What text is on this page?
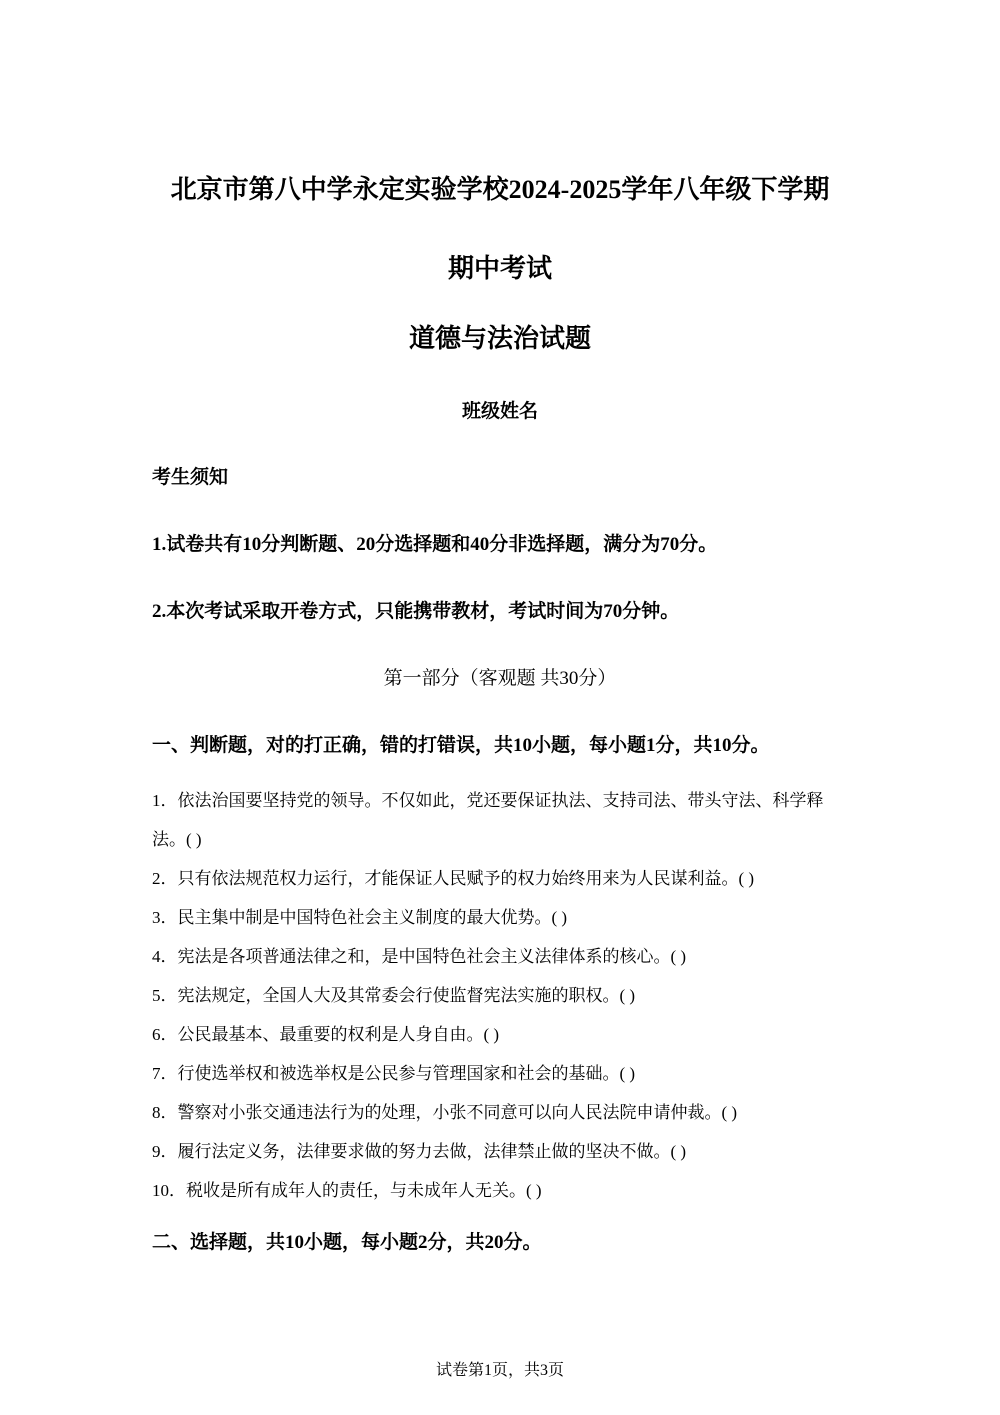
北京市第八中学永定实验学校2024-2025学年八年级下学期
期中考试
道德与法治试题
班级姓名
考生须知
1.试卷共有10分判断题、20分选择题和40分非选择题，满分为70分。
2.本次考试采取开卷方式，只能携带教材，考试时间为70分钟。
第一部分（客观题 共30分）
一、判断题，对的打正确，错的打错误，共10小题，每小题1分，共10分。
1．依法治国要坚持党的领导。不仅如此，党还要保证执法、支持司法、带头守法、科学释
法。( )
2．只有依法规范权力运行，才能保证人民赋予的权力始终用来为人民谋利益。( )
3．民主集中制是中国特色社会主义制度的最大优势。( )
4．宪法是各项普通法律之和，是中国特色社会主义法律体系的核心。( )
5．宪法规定，全国人大及其常委会行使监督宪法实施的职权。( )
6．公民最基本、最重要的权利是人身自由。( )
7．行使选举权和被选举权是公民参与管理国家和社会的基础。( )
8．警察对小张交通违法行为的处理，小张不同意可以向人民法院申请仲裁。( )
9．履行法定义务，法律要求做的努力去做，法律禁止做的坚决不做。( )
10．税收是所有成年人的责任，与未成年人无关。( )
二、选择题，共10小题，每小题2分，共20分。
试卷第1页，共3页
